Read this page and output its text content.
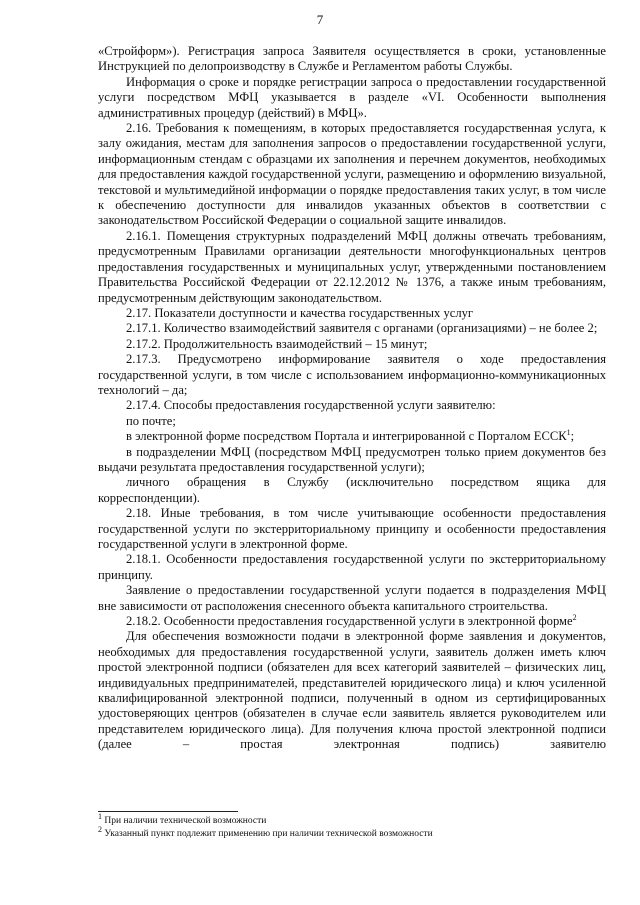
7

«Стройформ»). Регистрация запроса Заявителя осуществляется в сроки, установленные Инструкцией по делопроизводству в Службе и Регламентом работы Службы.

Информация о сроке и порядке регистрации запроса о предоставлении государственной услуги посредством МФЦ указывается в разделе «VI. Особенности выполнения административных процедур (действий) в МФЦ».

2.16. Требования к помещениям, в которых предоставляется государственная услуга, к залу ожидания, местам для заполнения запросов о предоставлении государственной услуги, информационным стендам с образцами их заполнения и перечнем документов, необходимых для предоставления каждой государственной услуги, размещению и оформлению визуальной, текстовой и мультимедийной информации о порядке предоставления таких услуг, в том числе к обеспечению доступности для инвалидов указанных объектов в соответствии с законодательством Российской Федерации о социальной защите инвалидов.

2.16.1. Помещения структурных подразделений МФЦ должны отвечать требованиям, предусмотренным Правилами организации деятельности многофункциональных центров предоставления государственных и муниципальных услуг, утвержденными постановлением Правительства Российской Федерации от 22.12.2012 № 1376, а также иным требованиям, предусмотренным действующим законодательством.

2.17. Показатели доступности и качества государственных услуг

2.17.1. Количество взаимодействий заявителя с органами (организациями) – не более 2;

2.17.2. Продолжительность взаимодействий – 15 минут;

2.17.3. Предусмотрено информирование заявителя о ходе предоставления государственной услуги, в том числе с использованием информационно-коммуникационных технологий – да;

2.17.4. Способы предоставления государственной услуги заявителю:

по почте;

в электронной форме посредством Портала и интегрированной с Порталом ЕССК$^1$;

в подразделении МФЦ (посредством МФЦ предусмотрен только прием документов без выдачи результата предоставления государственной услуги);

личного обращения в Службу (исключительно посредством ящика для корреспонденции).

2.18. Иные требования, в том числе учитывающие особенности предоставления государственной услуги по экстерриториальному принципу и особенности предоставления государственной услуги в электронной форме.

2.18.1. Особенности предоставления государственной услуги по экстерриториальному принципу.

Заявление о предоставлении государственной услуги подается в подразделения МФЦ вне зависимости от расположения снесенного объекта капитального строительства.

2.18.2. Особенности предоставления государственной услуги в электронной форме$^2$

Для обеспечения возможности подачи в электронной форме заявления и документов, необходимых для предоставления государственной услуги, заявитель должен иметь ключ простой электронной подписи (обязателен для всех категорий заявителей – физических лиц, индивидуальных предпринимателей, представителей юридического лица) и ключ усиленной квалифицированной электронной подписи, полученный в одном из сертифицированных удостоверяющих центров (обязателен в случае если заявитель является руководителем или представителем юридического лица). Для получения ключа простой электронной подписи (далее – простая электронная подпись) заявителю

$^1$ При наличии технической возможности
$^2$ Указанный пункт подлежит применению при наличии технической возможности
